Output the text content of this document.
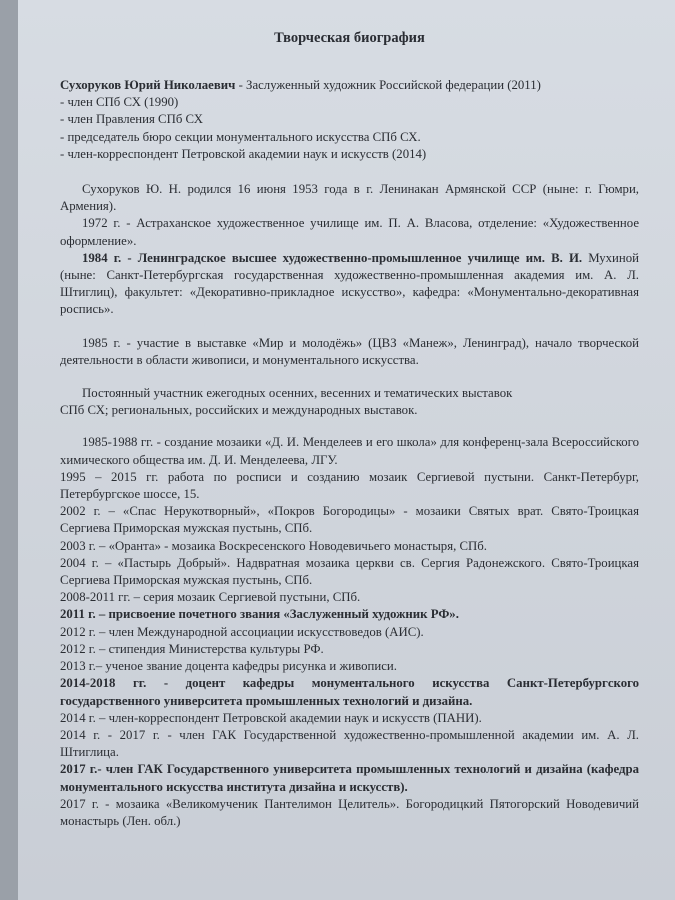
Творческая биография

Сухоруков Юрий Николаевич - Заслуженный художник Российской федерации (2011)

- член СПб СХ (1990)

- член Правления СПб СХ

- председатель бюро секции монументального искусства СПб СХ.

- член-корреспондент Петровской академии наук и искусств (2014)

Сухоруков Ю. Н. родился 16 июня 1953 года в г. Ленинакан Армянской ССР (ныне: г. Гюмри, Армения).

1972 г. - Астраханское художественное училище им. П. А. Власова, отделение: «Художественное оформление».

1984 г. - Ленинградское высшее художественно-промышленное училище им. В. И. Мухиной (ныне: Санкт-Петербургская государственная художественно-промышленная академия им. А. Л. Штиглиц), факультет: «Декоративно-прикладное искусство», кафедра: «Монументально-декоративная роспись».

1985 г. - участие в выставке «Мир и молодёжь» (ЦВЗ «Манеж», Ленинград), начало творческой деятельности в области живописи, и монументального искусства.

Постоянный участник ежегодных осенних, весенних и тематических выставок

СПб СХ; региональных, российских и международных выставок.

1985-1988 гг. - создание мозаики «Д. И. Менделеев и его школа» для конференц-зала Всероссийского химического общества им. Д. И. Менделеева, ЛГУ.

1995 – 2015 гг. работа по росписи и созданию мозаик Сергиевой пустыни. Санкт-Петербург, Петербургское шоссе, 15.

2002 г. – «Спас Нерукотворный», «Покров Богородицы» - мозаики Святых врат. Свято-Троицкая Сергиева Приморская мужская пустынь, СПб.

2003 г. – «Оранта» - мозаика Воскресенского Новодевичьего монастыря, СПб.

2004 г. – «Пастырь Добрый». Надвратная мозаика церкви св. Сергия Радонежского. Свято-Троицкая Сергиева Приморская мужская пустынь, СПб.

2008-2011 гг. – серия мозаик Сергиевой пустыни, СПб.

2011 г. – присвоение почетного звания «Заслуженный художник РФ».

2012 г. – член Международной ассоциации искусствоведов (АИС).

2012 г. – стипендия Министерства культуры РФ.

2013 г.– ученое звание доцента кафедры рисунка и живописи.

2014-2018 гг. - доцент кафедры монументального искусства Санкт-Петербургского государственного университета промышленных технологий и дизайна.

2014 г. – член-корреспондент Петровской академии наук и искусств (ПАНИ).

2014 г. - 2017 г. - член ГАК Государственной художественно-промышленной академии им. А. Л. Штиглица.

2017 г.- член ГАК Государственного университета промышленных технологий и дизайна (кафедра монументального искусства института дизайна и искусств).

2017 г. - мозаика «Великомученик Пантелимон Целитель». Богородицкий Пятогорский Новодевичий монастырь (Лен. обл.)
